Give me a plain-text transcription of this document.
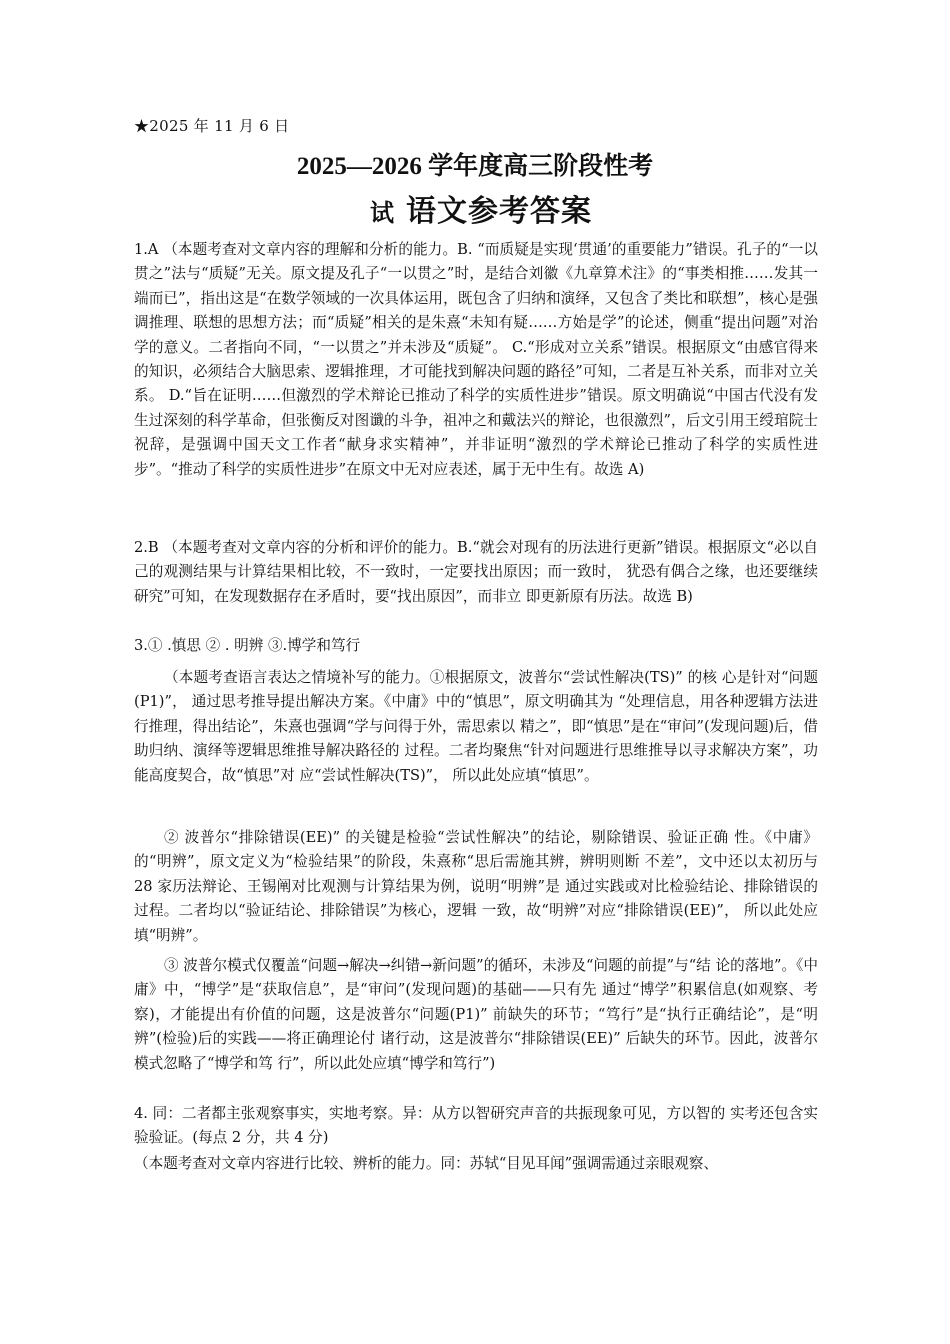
★2025 年 11 月 6 日
2025—2026 学年度高三阶段性考
试 语文参考答案

1.A （本题考查对文章内容的理解和分析的能力。B. “而质疑是实现‘贯通’的重要能力”错误。孔子的“一以贯之”法与“质疑”无关。原文提及孔子“一以贯之”时，是结合刘徽《九章算术注》的“事类相推……发其一端而已”，指出这是“在数学领域的一次具体运用，既包含了归纳和演绎，又包含了类比和联想”，核心是强调推理、联想的思想方法；而“质疑”相关的是朱熹“未知有疑……方始是学”的论述，侧重“提出问题”对治学的意义。二者指向不同，“一以贯之”并未涉及“质疑”。 C.“形成对立关系”错误。根据原文“由感官得来的知识，必须结合大脑思索、逻辑推理，才可能找到解决问题的路径”可知，二者是互补关系，而非对立关系。 D.“旨在证明……但激烈的学术辩论已推动了科学的实质性进步”错误。原文明确说“中国古代没有发生过深刻的科学革命，但张衡反对图谶的斗争，祖冲之和戴法兴的辩论，也很激烈”，后文引用王绶琯院士祝辞，是强调中国天文工作者“献身求实精神”，并非证明“激烈的学术辩论已推动了科学的实质性进步”。“推动了科学的实质性进步”在原文中无对应表述，属于无中生有。故选 A)

2.B （本题考查对文章内容的分析和评价的能力。B.“就会对现有的历法进行更新”错误。根据原文“必以自己的观测结果与计算结果相比较，不一致时，一定要找出原因；而一致时， 犹恐有偶合之缘，也还要继续研究”可知，在发现数据存在矛盾时，要“找出原因”，而非立 即更新原有历法。故选 B)

3.① .慎思 ② . 明辨 ③.博学和笃行

（本题考查语言表达之情境补写的能力。①根据原文，波普尔“尝试性解决(TS)” 的核 心是针对“问题(P1)”， 通过思考推导提出解决方案。《中庸》中的“慎思”，原文明确其为 “处理信息，用各种逻辑方法进行推理，得出结论”，朱熹也强调“学与问得于外，需思索以 精之”，即“慎思”是在“审问”(发现问题)后，借助归纳、演绎等逻辑思维推导解决路径的 过程。二者均聚焦“针对问题进行思维推导以寻求解决方案”，功能高度契合，故“慎思”对 应“尝试性解决(TS)”， 所以此处应填“慎思”。

② 波普尔“排除错误(EE)” 的关键是检验“尝试性解决”的结论，剔除错误、验证正确 性。《中庸》的“明辨”，原文定义为“检验结果”的阶段，朱熹称“思后需施其辨，辨明则断 不差”，文中还以太初历与 28 家历法辩论、王锡阐对比观测与计算结果为例，说明“明辨”是 通过实践或对比检验结论、排除错误的过程。二者均以“验证结论、排除错误”为核心，逻辑 一致，故“明辨”对应“排除错误(EE)”， 所以此处应填“明辨”。

③ 波普尔模式仅覆盖“问题→解决→纠错→新问题”的循环，未涉及“问题的前提”与“结 论的落地”。《中庸》中，“博学”是“获取信息”，是“审问”(发现问题)的基础——只有先 通过“博学”积累信息(如观察、考察)，才能提出有价值的问题，这是波普尔“问题(P1)” 前缺失的环节；“笃行”是“执行正确结论”，是“明辨”(检验)后的实践——将正确理论付 诸行动，这是波普尔“排除错误(EE)” 后缺失的环节。因此，波普尔模式忽略了“博学和笃 行”，所以此处应填“博学和笃行”)

4. 同：二者都主张观察事实，实地考察。异：从方以智研究声音的共振现象可见，方以智的 实考还包含实验验证。(每点 2 分，共 4 分)

（本题考查对文章内容进行比较、辨析的能力。同：苏轼“目见耳闻”强调需通过亲眼观察、
